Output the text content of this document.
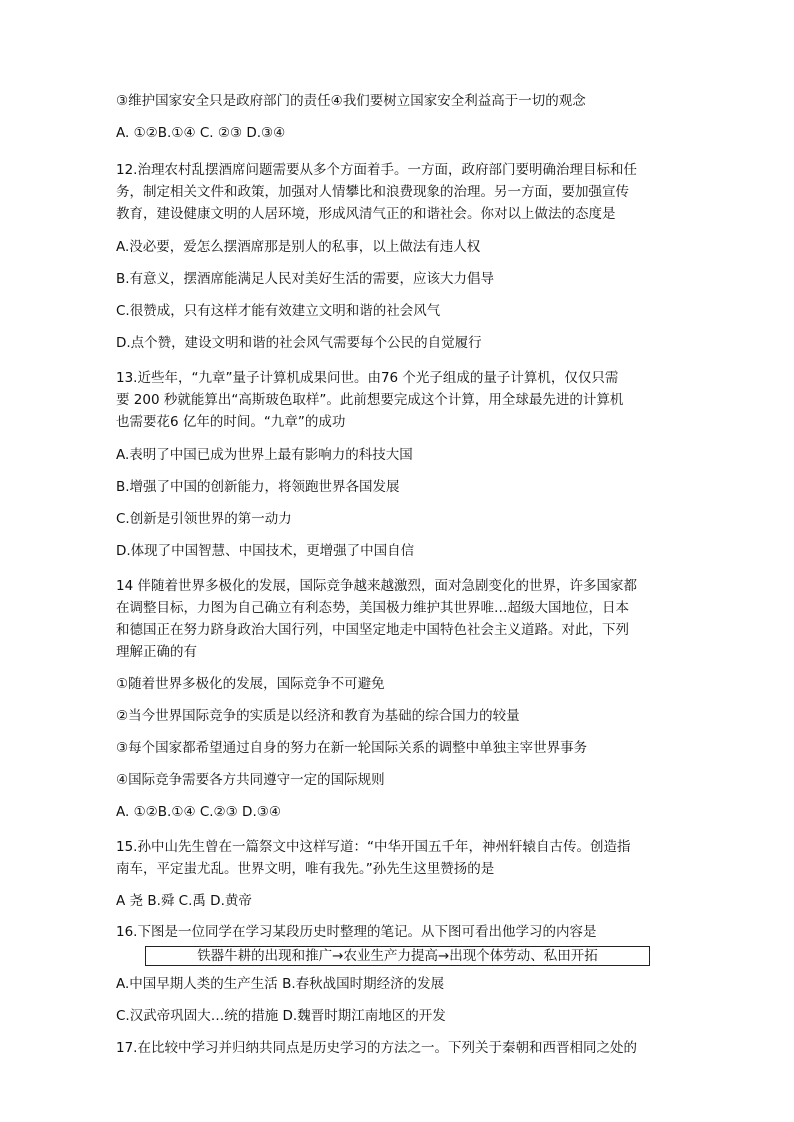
③维护国家安全只是政府部门的责任④我们要树立国家安全利益高于一切的观念
A. ①②B.①④ C. ②③ D.③④
12.治理农村乱摆酒席问题需要从多个方面着手。一方面，政府部门要明确治理目标和任
务，制定相关文件和政策，加强对人情攀比和浪费现象的治理。另一方面，要加强宣传
教育，建设健康文明的人居环境，形成风清气正的和谐社会。你对以上做法的态度是
A.没必要，爱怎么摆酒席那是别人的私事，以上做法有违人权
B.有意义，摆酒席能满足人民对美好生活的需要，应该大力倡导
C.很赞成，只有这样才能有效建立文明和谐的社会风气
D.点个赞，建设文明和谐的社会风气需要每个公民的自觉履行
13.近些年，“九章”量子计算机成果问世。由76 个光子组成的量子计算机，仅仅只需
要 200 秒就能算出“高斯玻色取样”。此前想要完成这个计算，用全球最先进的计算机
也需要花6 亿年的时间。“九章”的成功
A.表明了中国已成为世界上最有影响力的科技大国
B.增强了中国的创新能力，将领跑世界各国发展
C.创新是引领世界的第一动力
D.体现了中国智慧、中国技术，更增强了中国自信
14 伴随着世界多极化的发展，国际竞争越来越激烈，面对急剧变化的世界，许多国家都
在调整目标，力图为自己确立有利态势，美国极力维护其世界唯…超级大国地位，日本
和德国正在努力跻身政治大国行列，中国坚定地走中国特色社会主义道路。对此，下列
理解正确的有
①随着世界多极化的发展，国际竞争不可避免
②当今世界国际竞争的实质是以经济和教育为基础的综合国力的较量
③每个国家都希望通过自身的努力在新一轮国际关系的调整中单独主宰世界事务
④国际竞争需要各方共同遵守一定的国际规则
A. ①②B.①④ C.②③ D.③④
15.孙中山先生曾在一篇祭文中这样写道：“中华开国五千年，神州轩辕自古传。创造指
南车，平定蚩尤乱。世界文明，唯有我先。”孙先生这里赞扬的是
A 尧 B.舜 C.禹 D.黄帝
16.下图是一位同学在学习某段历史时整理的笔记。从下图可看出他学习的内容是
铁器牛耕的出现和推广→农业生产力提高→出现个体劳动、私田开拓
A.中国早期人类的生产生活 B.春秋战国时期经济的发展
C.汉武帝巩固大…统的措施 D.魏晋时期江南地区的开发
17.在比较中学习并归纳共同点是历史学习的方法之一。下列关于秦朝和西晋相同之处的
